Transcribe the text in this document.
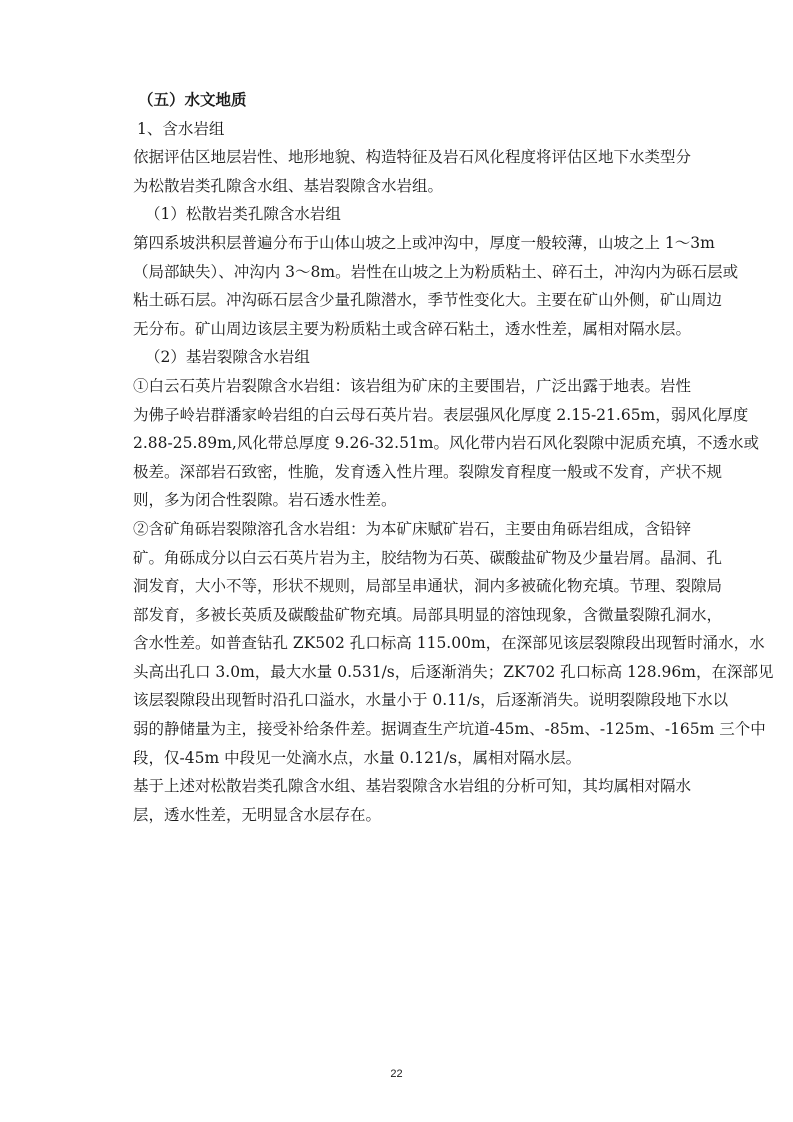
（五）水文地质
1、含水岩组
依据评估区地层岩性、地形地貌、构造特征及岩石风化程度将评估区地下水类型分
为松散岩类孔隙含水组、基岩裂隙含水岩组。
（1）松散岩类孔隙含水岩组
第四系坡洪积层普遍分布于山体山坡之上或冲沟中，厚度一般较薄，山坡之上 1～3m
（局部缺失）、冲沟内 3～8m。岩性在山坡之上为粉质粘土、碎石土，冲沟内为砾石层或
粘土砾石层。冲沟砾石层含少量孔隙潜水，季节性变化大。主要在矿山外侧，矿山周边
无分布。矿山周边该层主要为粉质粘土或含碎石粘土，透水性差，属相对隔水层。
（2）基岩裂隙含水岩组
①白云石英片岩裂隙含水岩组：该岩组为矿床的主要围岩，广泛出露于地表。岩性
为佛子岭岩群潘家岭岩组的白云母石英片岩。表层强风化厚度 2.15-21.65m，弱风化厚度
2.88-25.89m,风化带总厚度 9.26-32.51m。风化带内岩石风化裂隙中泥质充填，不透水或
极差。深部岩石致密，性脆，发育透入性片理。裂隙发育程度一般或不发育，产状不规
则，多为闭合性裂隙。岩石透水性差。
②含矿角砾岩裂隙溶孔含水岩组：为本矿床赋矿岩石，主要由角砾岩组成，含铅锌
矿。角砾成分以白云石英片岩为主，胶结物为石英、碳酸盐矿物及少量岩屑。晶洞、孔
洞发育，大小不等，形状不规则，局部呈串通状，洞内多被硫化物充填。节理、裂隙局
部发育，多被长英质及碳酸盐矿物充填。局部具明显的溶蚀现象，含微量裂隙孔洞水，
含水性差。如普查钻孔 ZK502 孔口标高 115.00m，在深部见该层裂隙段出现暂时涌水，水
头高出孔口 3.0m，最大水量 0.531/s，后逐渐消失；ZK702 孔口标高 128.96m，在深部见
该层裂隙段出现暂时沿孔口溢水，水量小于 0.11/s，后逐渐消失。说明裂隙段地下水以
弱的静储量为主，接受补给条件差。据调查生产坑道-45m、-85m、-125m、-165m 三个中
段，仅-45m 中段见一处滴水点，水量 0.121/s，属相对隔水层。
基于上述对松散岩类孔隙含水组、基岩裂隙含水岩组的分析可知，其均属相对隔水
层，透水性差，无明显含水层存在。
22
